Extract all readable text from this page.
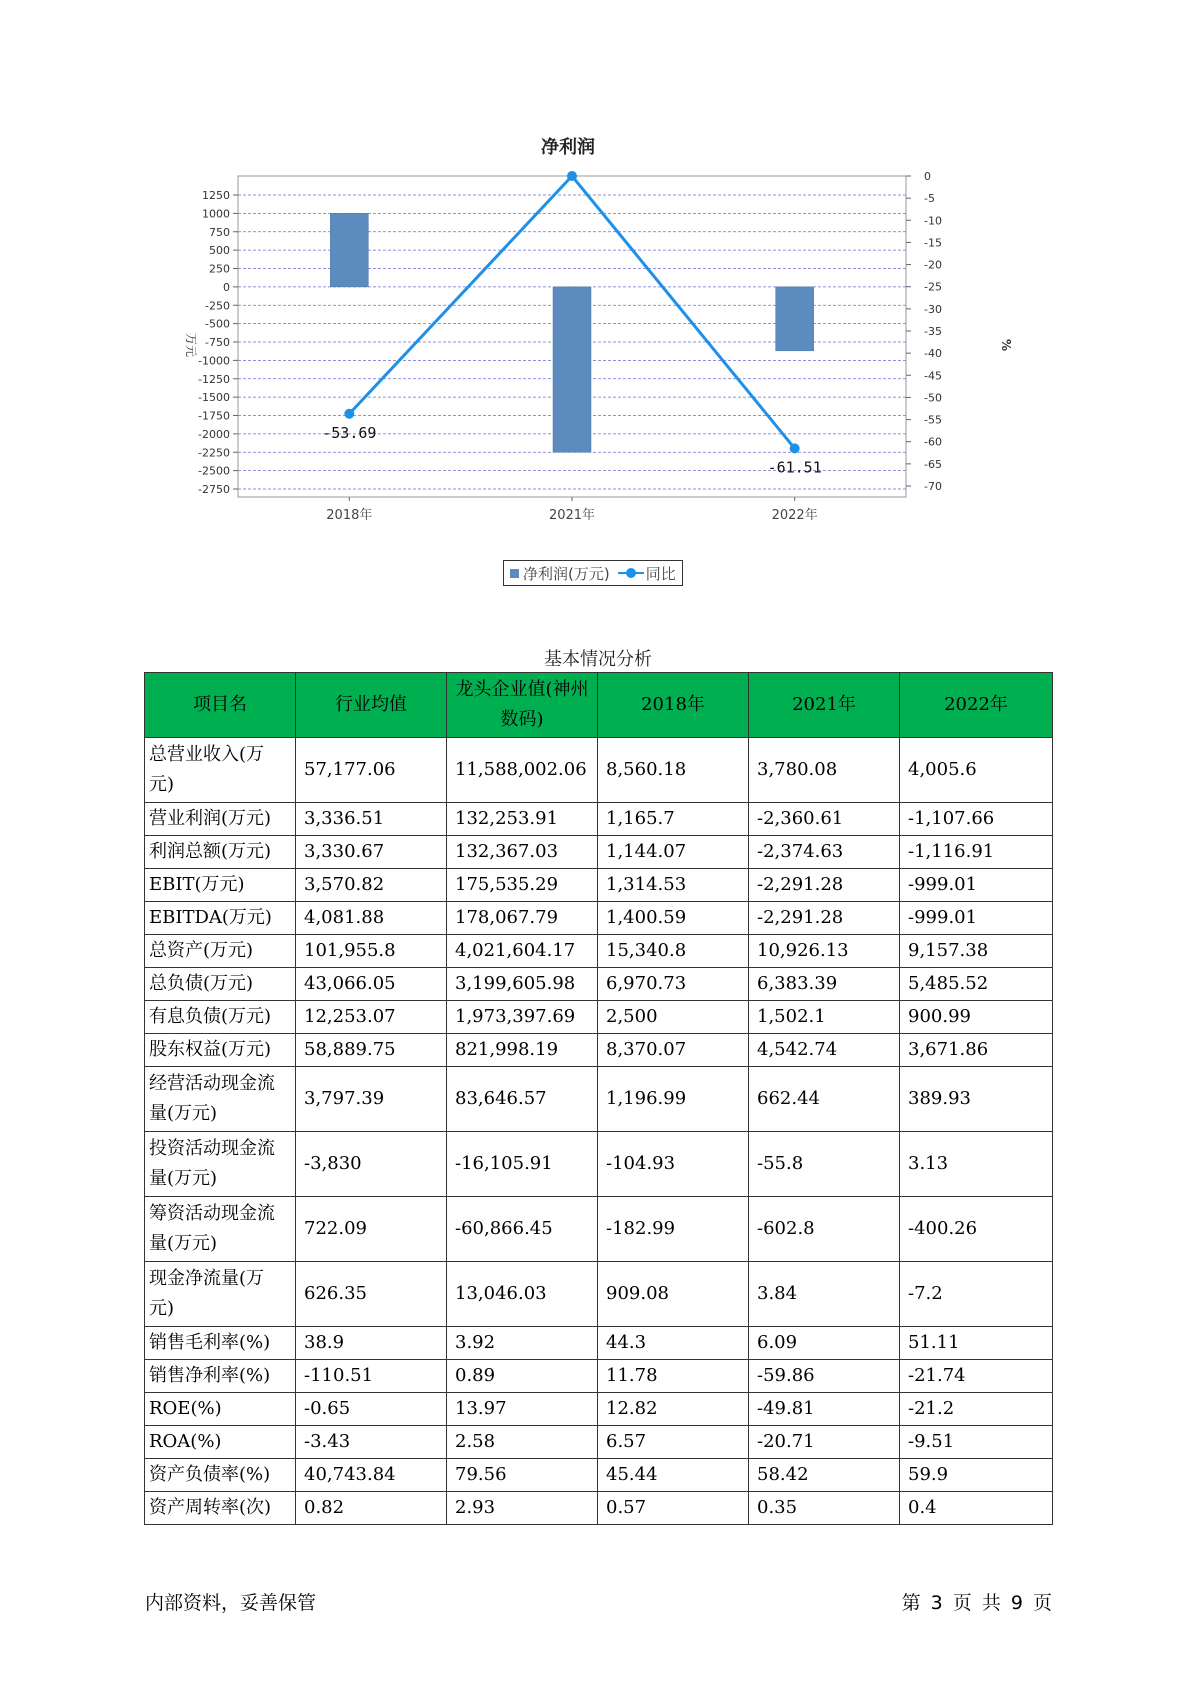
净利润
1250
1000
750
500
250
0
-250
-500
-750
-1000
-1250
-1500
-1750
-2000
-2250
-2500
-2750
0
-5
-10
-15
-20
-25
-30
-35
-40
-45
-50
-55
-60
-65
-70
万元	%
2018年	2021年	2022年
-53.69
-61.51
净利润(万元) 同比
基本情况分析
项目名	行业均值	龙头企业值(神州数码)	2018年	2021年	2022年
总营业收入(万元)	57,177.06	11,588,002.06	8,560.18	3,780.08	4,005.6
营业利润(万元)	3,336.51	132,253.91	1,165.7	-2,360.61	-1,107.66
利润总额(万元)	3,330.67	132,367.03	1,144.07	-2,374.63	-1,116.91
EBIT(万元)	3,570.82	175,535.29	1,314.53	-2,291.28	-999.01
EBITDA(万元)	4,081.88	178,067.79	1,400.59	-2,291.28	-999.01
总资产(万元)	101,955.8	4,021,604.17	15,340.8	10,926.13	9,157.38
总负债(万元)	43,066.05	3,199,605.98	6,970.73	6,383.39	5,485.52
有息负债(万元)	12,253.07	1,973,397.69	2,500	1,502.1	900.99
股东权益(万元)	58,889.75	821,998.19	8,370.07	4,542.74	3,671.86
经营活动现金流量(万元)	3,797.39	83,646.57	1,196.99	662.44	389.93
投资活动现金流量(万元)	-3,830	-16,105.91	-104.93	-55.8	3.13
筹资活动现金流量(万元)	722.09	-60,866.45	-182.99	-602.8	-400.26
现金净流量(万元)	626.35	13,046.03	909.08	3.84	-7.2
销售毛利率(%)	38.9	3.92	44.3	6.09	51.11
销售净利率(%)	-110.51	0.89	11.78	-59.86	-21.74
ROE(%)	-0.65	13.97	12.82	-49.81	-21.2
ROA(%)	-3.43	2.58	6.57	-20.71	-9.51
资产负债率(%)	40,743.84	79.56	45.44	58.42	59.9
资产周转率(次)	0.82	2.93	0.57	0.35	0.4
内部资料，妥善保管	第 3 页 共 9 页
